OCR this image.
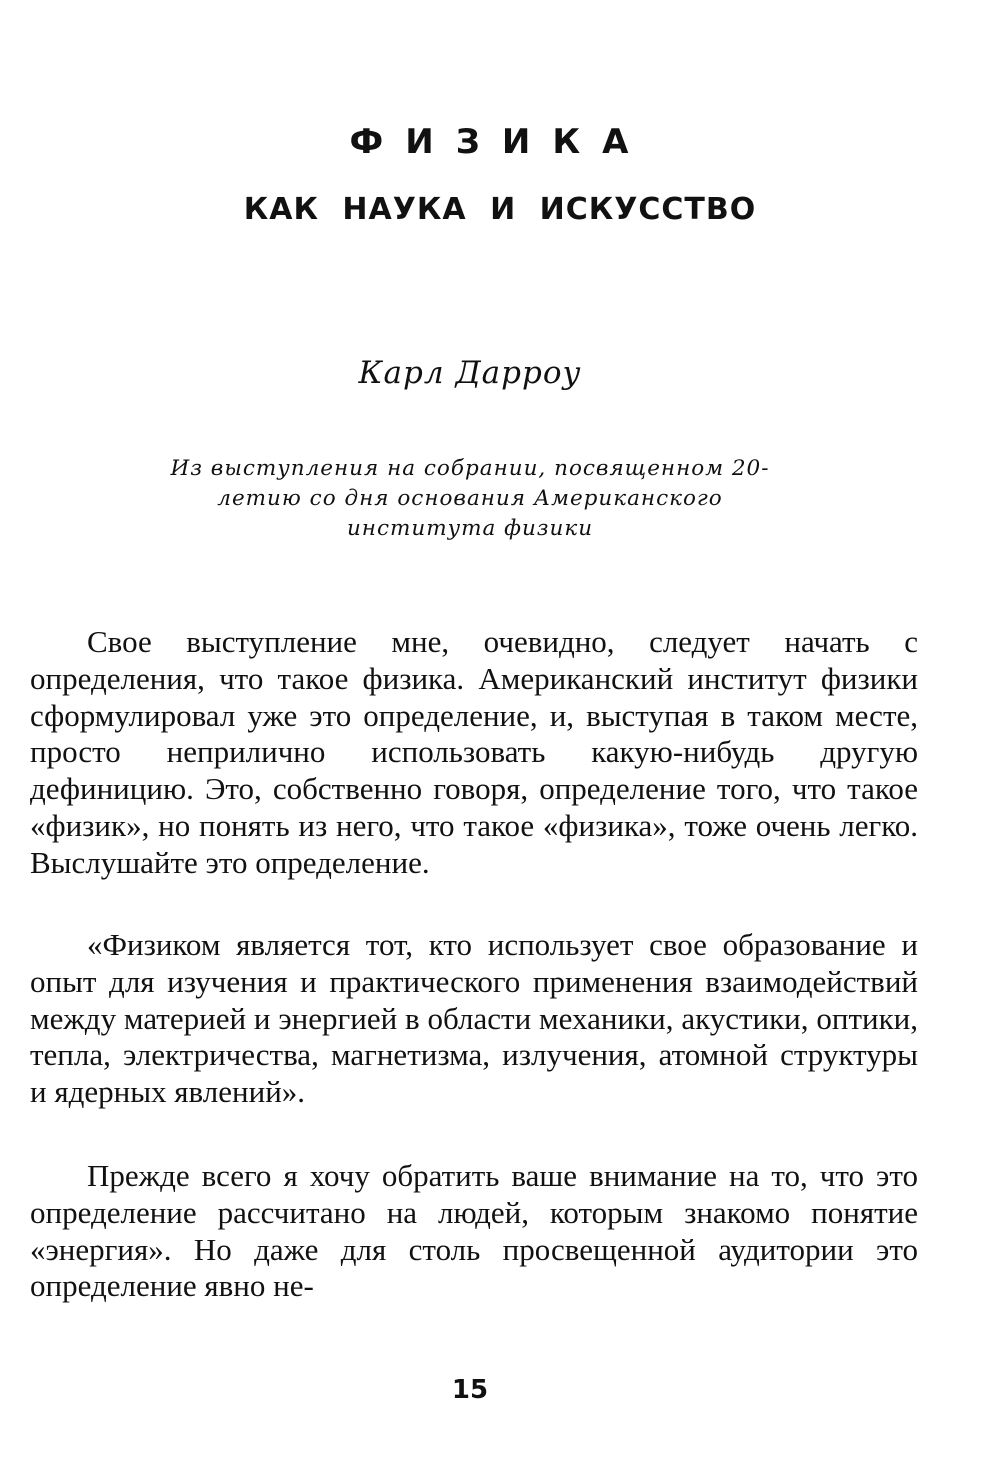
ФИЗИКА
КАК НАУКА И ИСКУССТВО

Карл Дарроу

Из выступления на собрании, посвященном 20-летию со дня основания Американского института физики

Свое выступление мне, очевидно, следует начать с определения, что такое физика. Американский институт физики сформулировал уже это определение, и, выступая в таком месте, просто неприлично использовать какую-нибудь другую дефиницию. Это, собственно говоря, определение того, что такое «физик», но понять из него, что такое «физика», тоже очень легко. Выслушайте это определение.

«Физиком является тот, кто использует свое образование и опыт для изучения и практического применения взаимодействий между материей и энергией в области механики, акустики, оптики, тепла, электричества, магнетизма, излучения, атомной структуры и ядерных явлений».

Прежде всего я хочу обратить ваше внимание на то, что это определение рассчитано на людей, которым знакомо понятие «энергия». Но даже для столь просвещенной аудитории это определение явно не-

15
